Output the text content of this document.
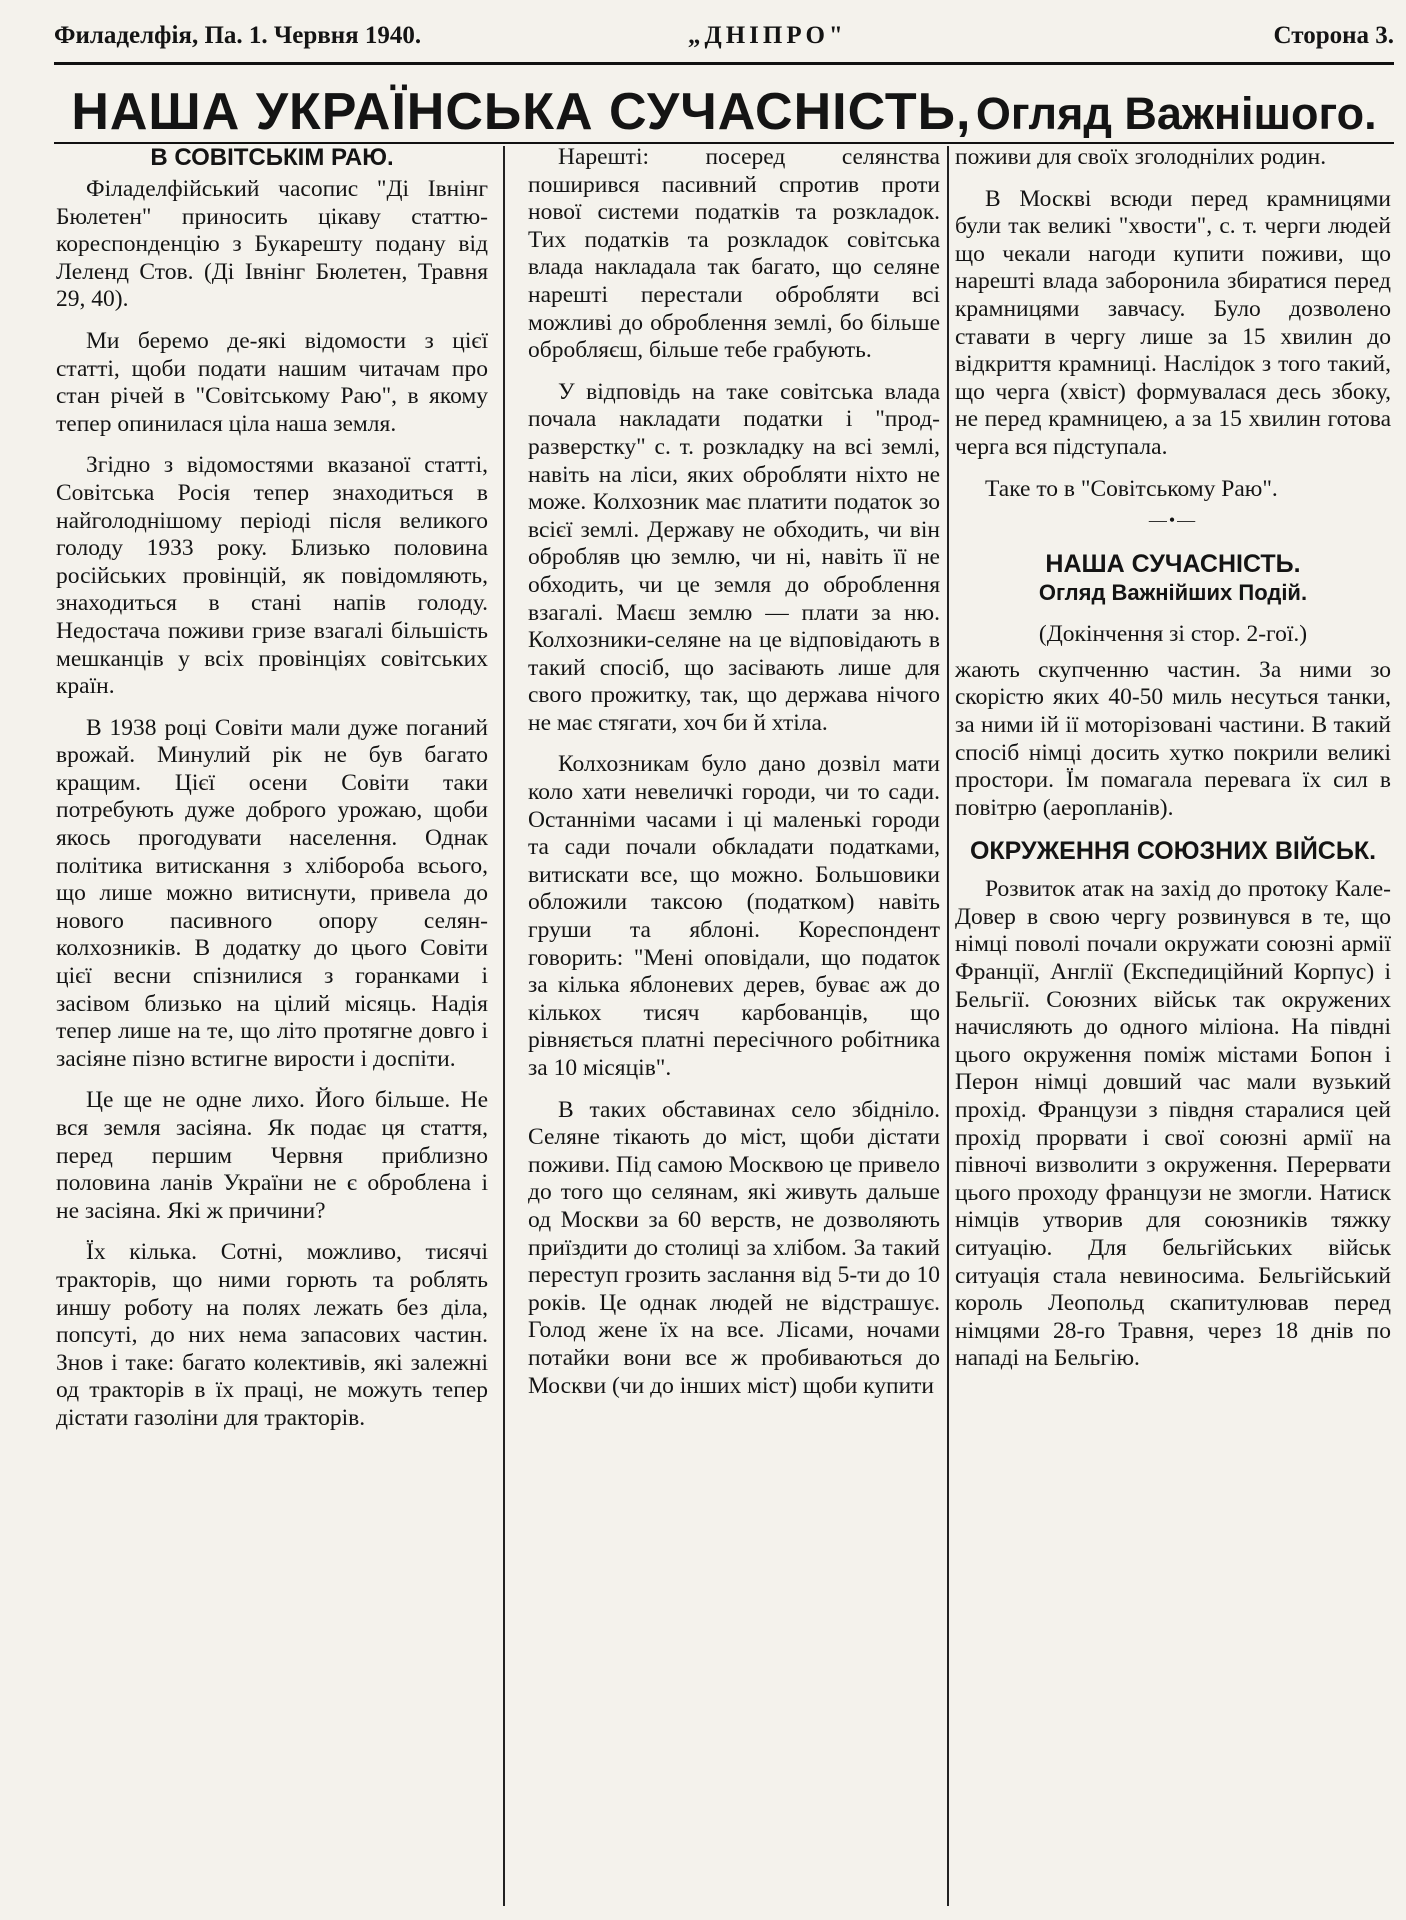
Филаделфія, Па. 1. Червня 1940.	„ДНІПРО"	Сторона 3.
НАША УКРАЇНСЬКА СУЧАСНІСТЬ, Огляд Важнішого.
В СОВІТСЬКІМ РАЮ.

Філаделфійський часопис "Ді Івнінг Бюлетен" приносить цікаву статтю-кореспонденцію з Букарешту подану від Леленд Стов. (Ді Івнінг Бюлетен, Травня 29, 40).

Ми беремо де-які відомости з цієї статті, щоби подати нашим читачам про стан річей в "Совітському Раю", в якому тепер опинилася ціла наша земля.

Згідно з відомостями вказаної статті, Совітська Росія тепер знаходиться в найголоднішому періоді після великого голоду 1933 року. Близько половина російських провінцій, як повідомляють, знаходиться в стані напів голоду. Недостача поживи гризе взагалі більшість мешканців у всіх провінціях совітських країн.

В 1938 році Совіти мали дуже поганий врожай. Минулий рік не був багато кращим. Цієї осени Совіти таки потребують дуже доброго урожаю, щоби якось прогодувати населення. Однак політика витискання з хлібороба всього, що лише можно витиснути, привела до нового пасивного опору селян-колхозників. В додатку до цього Совіти цієї весни спізнилися з горанками і засівом близько на цілий місяць. Надія тепер лише на те, що літо протягне довго і засіяне пізно встигне вирости і доспіти.

Це ще не одне лихо. Його більше. Не вся земля засіяна. Як подає ця стаття, перед першим Червня приблизно половина ланів України не є оброблена і не засіяна. Які ж причини?

Їх кілька. Сотні, можливо, тисячі тракторів, що ними горють та роблять иншу роботу на полях лежать без діла, попсуті, до них нема запасових частин. Знов і таке: багато колективів, які залежні од тракторів в їх праці, не можуть тепер дістати газоліни для тракторів.

Нарешті: посеред селянства поширився пасивний спротив проти нової системи податків та розкладок. Тих податків та розкладок совітська влада накладала так багато, що селяне нарешті перестали обробляти всі можливі до оброблення землі, бо більше обробляєш, більше тебе грабують.

У відповідь на таке совітська влада почала накладати податки і "прод-разверстку" с. т. розкладку на всі землі, навіть на ліси, яких обробляти ніхто не може. Колхозник має платити податок зо всієї землі. Державу не обходить, чи він обробляв цю землю, чи ні, навіть її не обходить, чи це земля до оброблення взагалі. Маєш землю — плати за ню. Колхозники-селяне на це відповідають в такий спосіб, що засівають лише для свого прожитку, так, що держава нічого не має стягати, хоч би й хтіла.

Колхозникам було дано дозвіл мати коло хати невеличкі городи, чи то сади. Останніми часами і ці маленькі городи та сади почали обкладати податками, витискати все, що можно. Большовики обложили таксою (податком) навіть груши та яблоні. Кореспондент говорить: "Мені оповідали, що податок за кілька яблоневих дерев, буває аж до кількох тисяч карбованців, що рівняється платні пересічного робітника за 10 місяців".

В таких обставинах село збідніло. Селяне тікають до міст, щоби дістати поживи. Під самою Москвою це привело до того що селянам, які живуть дальше од Москви за 60 верств, не дозволяють приїздити до столиці за хлібом. За такий переступ грозить заслання від 5-ти до 10 років. Це однак людей не відстрашує. Голод жене їх на все. Лісами, ночами потайки вони все ж пробиваються до Москви (чи до інших міст) щоби купити

поживи для своїх зголоднілих родин.

В Москві всюди перед крамницями були так великі "хвости", с. т. черги людей що чекали нагоди купити поживи, що нарешті влада заборонила збиратися перед крамницями завчасу. Було дозволено ставати в чергу лише за 15 хвилин до відкриття крамниці. Наслідок з того такий, що черга (хвіст) формувалася десь збоку, не перед крамницею, а за 15 хвилин готова черга вся підступала.

Таке то в "Совітському Раю".

—•—
НАША СУЧАСНІСТЬ.
Огляд Важнійших Подій.
(Докінчення зі стор. 2-гої.)

жають скупченню частин. За ними зо скорістю яких 40-50 миль несуться танки, за ними ій ії моторізовані частини. В такий спосіб німці досить хутко покрили великі простори. Їм помагала перевага їх сил в повітрю (аеропланів).

ОКРУЖЕННЯ СОЮЗНИХ ВІЙСЬК.

Розвиток атак на захід до протоку Кале-Довер в свою чергу розвинувся в те, що німці поволі почали окружати союзні армії Франції, Англії (Експедиційний Корпус) і Бельгії. Союзних військ так окружених начисляють до одного міліона. На півдні цього окруження поміж містами Бопон і Перон німці довший час мали вузький прохід. Французи з півдня старалися цей прохід прорвати і свої союзні армії на півночі визволити з окруження. Перервати цього проходу французи не змогли. Натиск німців утворив для союзників тяжку ситуацію. Для бельгійських військ ситуація стала невиносима. Бельгійський король Леопольд скапитулював перед німцями 28-го Травня, через 18 днів по нападі на Бельгію.
